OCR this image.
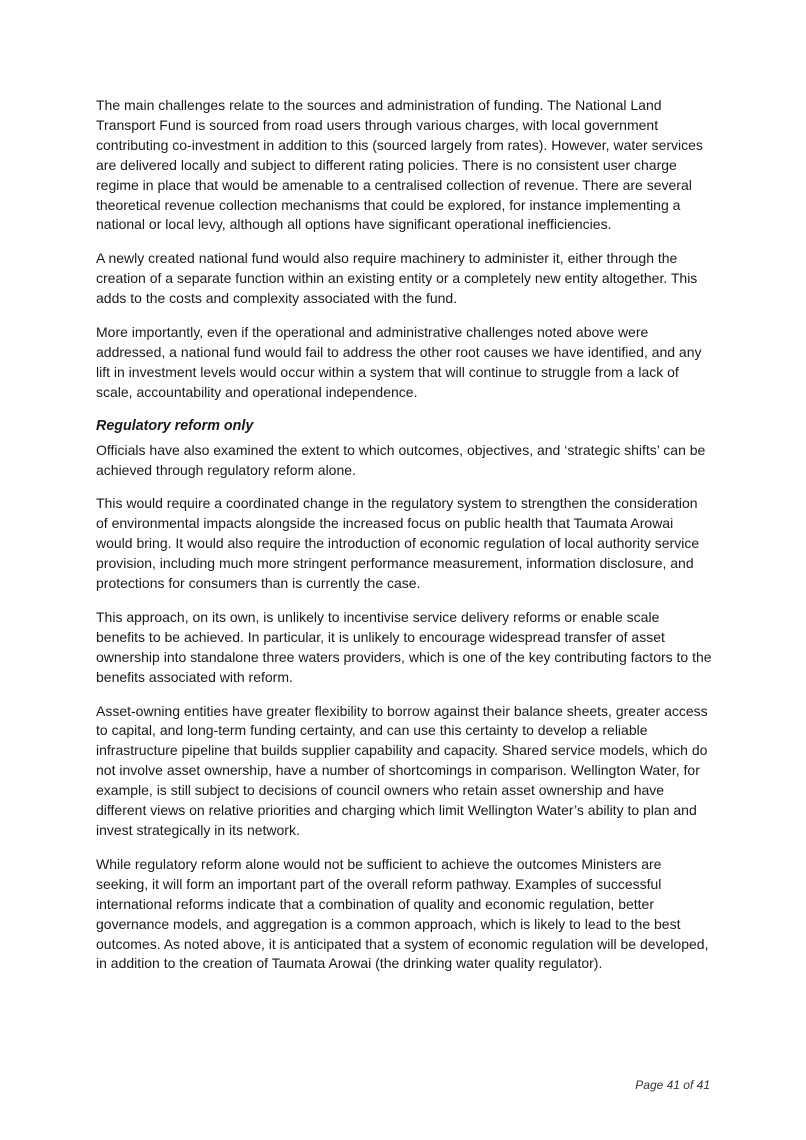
The main challenges relate to the sources and administration of funding. The National Land Transport Fund is sourced from road users through various charges, with local government contributing co-investment in addition to this (sourced largely from rates). However, water services are delivered locally and subject to different rating policies. There is no consistent user charge regime in place that would be amenable to a centralised collection of revenue. There are several theoretical revenue collection mechanisms that could be explored, for instance implementing a national or local levy, although all options have significant operational inefficiencies.

A newly created national fund would also require machinery to administer it, either through the creation of a separate function within an existing entity or a completely new entity altogether. This adds to the costs and complexity associated with the fund.

More importantly, even if the operational and administrative challenges noted above were addressed, a national fund would fail to address the other root causes we have identified, and any lift in investment levels would occur within a system that will continue to struggle from a lack of scale, accountability and operational independence.

Regulatory reform only

Officials have also examined the extent to which outcomes, objectives, and ‘strategic shifts’ can be achieved through regulatory reform alone.

This would require a coordinated change in the regulatory system to strengthen the consideration of environmental impacts alongside the increased focus on public health that Taumata Arowai would bring. It would also require the introduction of economic regulation of local authority service provision, including much more stringent performance measurement, information disclosure, and protections for consumers than is currently the case.

This approach, on its own, is unlikely to incentivise service delivery reforms or enable scale benefits to be achieved. In particular, it is unlikely to encourage widespread transfer of asset ownership into standalone three waters providers, which is one of the key contributing factors to the benefits associated with reform.

Asset-owning entities have greater flexibility to borrow against their balance sheets, greater access to capital, and long-term funding certainty, and can use this certainty to develop a reliable infrastructure pipeline that builds supplier capability and capacity. Shared service models, which do not involve asset ownership, have a number of shortcomings in comparison. Wellington Water, for example, is still subject to decisions of council owners who retain asset ownership and have different views on relative priorities and charging which limit Wellington Water’s ability to plan and invest strategically in its network.

While regulatory reform alone would not be sufficient to achieve the outcomes Ministers are seeking, it will form an important part of the overall reform pathway. Examples of successful international reforms indicate that a combination of quality and economic regulation, better governance models, and aggregation is a common approach, which is likely to lead to the best outcomes. As noted above, it is anticipated that a system of economic regulation will be developed, in addition to the creation of Taumata Arowai (the drinking water quality regulator).

Page 41 of 41
